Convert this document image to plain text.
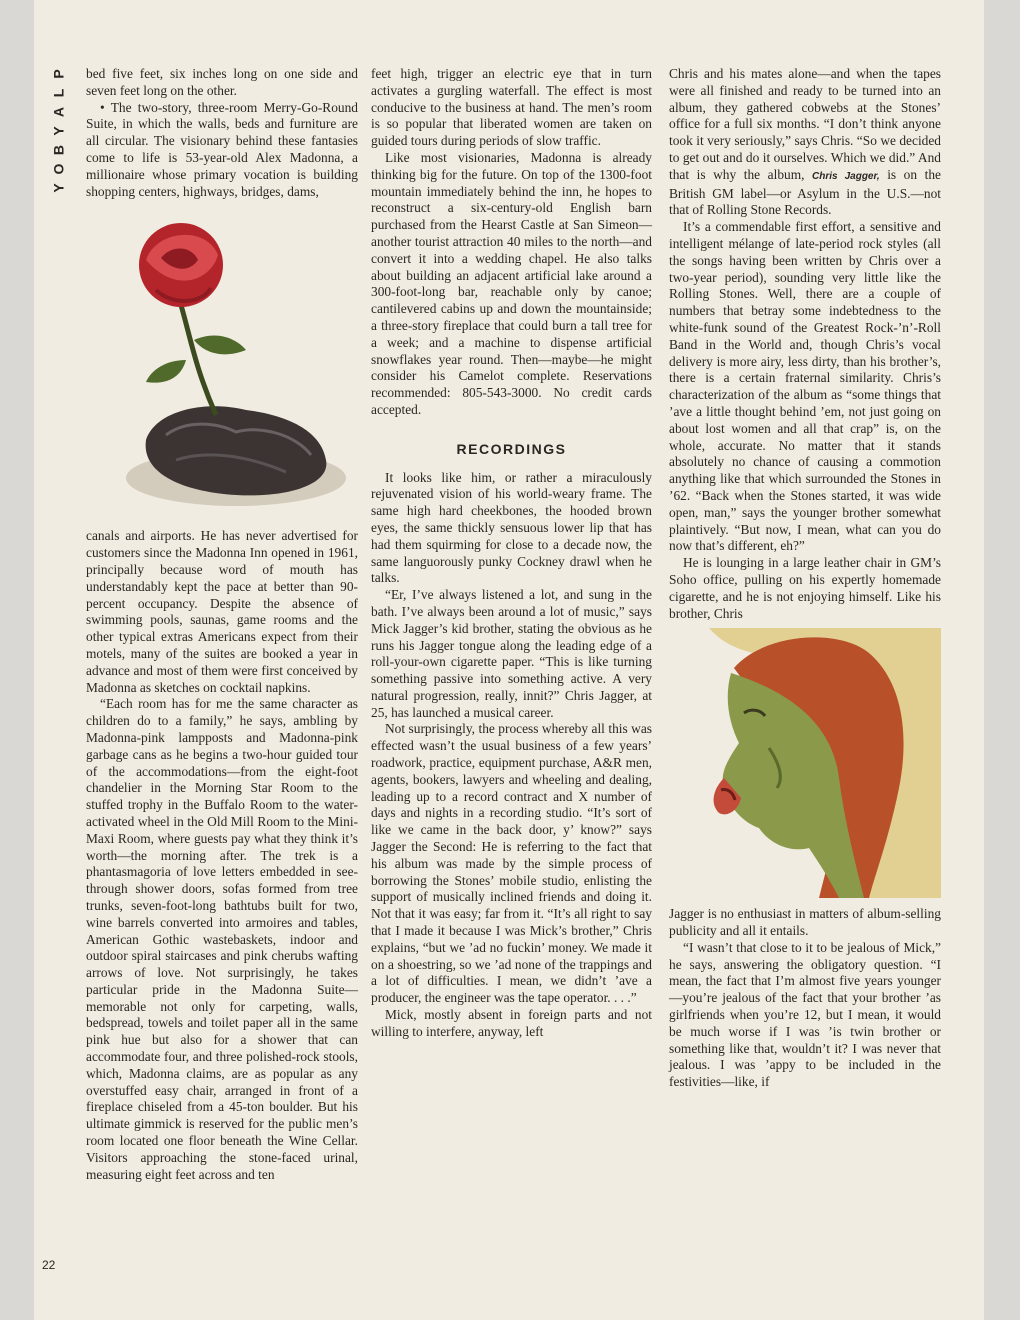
P
L
A
Y
B
O
Y

bed five feet, six inches long on one side and seven feet long on the other.

• The two-story, three-room Merry-Go-Round Suite, in which the walls, beds and furniture are all circular. The visionary behind these fantasies come to life is 53-year-old Alex Madonna, a millionaire whose primary vocation is building shopping centers, highways, bridges, dams,

canals and airports. He has never advertised for customers since the Madonna Inn opened in 1961, principally because word of mouth has understandably kept the pace at better than 90-percent occupancy. Despite the absence of swimming pools, saunas, game rooms and the other typical extras Americans expect from their motels, many of the suites are booked a year in advance and most of them were first conceived by Madonna as sketches on cocktail napkins.

“Each room has for me the same character as children do to a family,” he says, ambling by Madonna-pink lampposts and Madonna-pink garbage cans as he begins a two-hour guided tour of the accommodations—from the eight-foot chandelier in the Morning Star Room to the stuffed trophy in the Buffalo Room to the water-activated wheel in the Old Mill Room to the Mini-Maxi Room, where guests pay what they think it’s worth—the morning after. The trek is a phantasmagoria of love letters embedded in see-through shower doors, sofas formed from tree trunks, seven-foot-long bathtubs built for two, wine barrels converted into armoires and tables, American Gothic wastebaskets, indoor and outdoor spiral staircases and pink cherubs wafting arrows of love. Not surprisingly, he takes particular pride in the Madonna Suite—memorable not only for carpeting, walls, bedspread, towels and toilet paper all in the same pink hue but also for a shower that can accommodate four, and three polished-rock stools, which, Madonna claims, are as popular as any overstuffed easy chair, arranged in front of a fireplace chiseled from a 45-ton boulder. But his ultimate gimmick is reserved for the public men’s room located one floor beneath the Wine Cellar. Visitors approaching the stone-faced urinal, measuring eight feet across and ten

feet high, trigger an electric eye that in turn activates a gurgling waterfall. The effect is most conducive to the business at hand. The men’s room is so popular that liberated women are taken on guided tours during periods of slow traffic.

Like most visionaries, Madonna is already thinking big for the future. On top of the 1300-foot mountain immediately behind the inn, he hopes to reconstruct a six-century-old English barn purchased from the Hearst Castle at San Simeon—another tourist attraction 40 miles to the north—and convert it into a wedding chapel. He also talks about building an adjacent artificial lake around a 300-foot-long bar, reachable only by canoe; cantilevered cabins up and down the mountainside; a three-story fireplace that could burn a tall tree for a week; and a machine to dispense artificial snowflakes year round. Then—maybe—he might consider his Camelot complete. Reservations recommended: 805-543-3000. No credit cards accepted.

RECORDINGS

It looks like him, or rather a miraculously rejuvenated vision of his world-weary frame. The same high hard cheekbones, the hooded brown eyes, the same thickly sensuous lower lip that has had them squirming for close to a decade now, the same languorously punky Cockney drawl when he talks.

“Er, I’ve always listened a lot, and sung in the bath. I’ve always been around a lot of music,” says Mick Jagger’s kid brother, stating the obvious as he runs his Jagger tongue along the leading edge of a roll-your-own cigarette paper. “This is like turning something passive into something active. A very natural progression, really, innit?” Chris Jagger, at 25, has launched a musical career.

Not surprisingly, the process whereby all this was effected wasn’t the usual business of a few years’ roadwork, practice, equipment purchase, A&R men, agents, bookers, lawyers and wheeling and dealing, leading up to a record contract and X number of days and nights in a recording studio. “It’s sort of like we came in the back door, y’ know?” says Jagger the Second: He is referring to the fact that his album was made by the simple process of borrowing the Stones’ mobile studio, enlisting the support of musically inclined friends and doing it. Not that it was easy; far from it. “It’s all right to say that I made it because I was Mick’s brother,” Chris explains, “but we ’ad no fuckin’ money. We made it on a shoestring, so we ’ad none of the trappings and a lot of difficulties. I mean, we didn’t ’ave a producer, the engineer was the tape operator. . . .”

Mick, mostly absent in foreign parts and not willing to interfere, anyway, left

Chris and his mates alone—and when the tapes were all finished and ready to be turned into an album, they gathered cobwebs at the Stones’ office for a full six months. “I don’t think anyone took it very seriously,” says Chris. “So we decided to get out and do it ourselves. Which we did.” And that is why the album, Chris Jagger, is on the British GM label—or Asylum in the U.S.—not that of Rolling Stone Records.

It’s a commendable first effort, a sensitive and intelligent mélange of late-period rock styles (all the songs having been written by Chris over a two-year period), sounding very little like the Rolling Stones. Well, there are a couple of numbers that betray some indebtedness to the white-funk sound of the Greatest Rock-’n’-Roll Band in the World and, though Chris’s vocal delivery is more airy, less dirty, than his brother’s, there is a certain fraternal similarity. Chris’s characterization of the album as “some things that ’ave a little thought behind ’em, not just going on about lost women and all that crap” is, on the whole, accurate. No matter that it stands absolutely no chance of causing a commotion anything like that which surrounded the Stones in ’62. “Back when the Stones started, it was wide open, man,” says the younger brother somewhat plaintively. “But now, I mean, what can you do now that’s different, eh?”

He is lounging in a large leather chair in GM’s Soho office, pulling on his expertly homemade cigarette, and he is not enjoying himself. Like his brother, Chris

Jagger is no enthusiast in matters of album-selling publicity and all it entails.

“I wasn’t that close to it to be jealous of Mick,” he says, answering the obligatory question. “I mean, the fact that I’m almost five years younger—you’re jealous of the fact that your brother ’as girlfriends when you’re 12, but I mean, it would be much worse if I was ’is twin brother or something like that, wouldn’t it? I was never that jealous. I was ’appy to be included in the festivities—like, if

22
